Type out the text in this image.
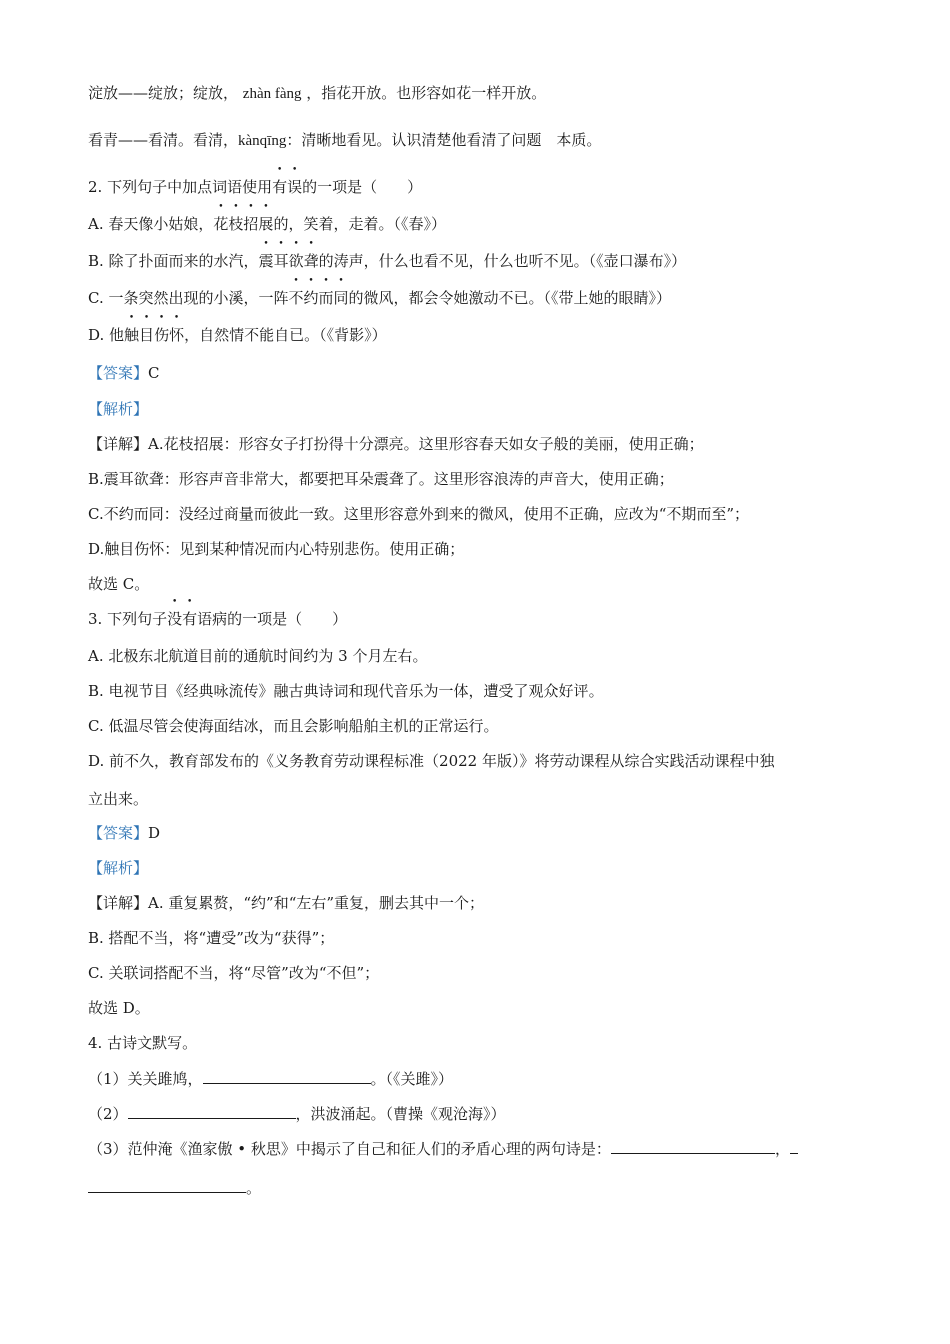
淀放——绽放；绽放， zhàn fàng ，指花开放。也形容如花一样开放。
看青——看清。看清，kànqīng：清晰地看见。认识清楚他看清了问题　本质。
2. 下列句子中加点词语使用有误的一项是（　　）
A. 春天像小姑娘，花枝招展的，笑着，走着。（《春》）
B. 除了扑面而来的水汽，震耳欲聋的涛声，什么也看不见，什么也听不见。（《壶口瀑布》）
C. 一条突然出现的小溪，一阵不约而同的微风，都会令她激动不已。（《带上她的眼睛》）
D. 他触目伤怀，自然情不能自已。（《背影》）
【答案】C
【解析】
【详解】A.花枝招展：形容女子打扮得十分漂亮。这里形容春天如女子般的美丽，使用正确；
B.震耳欲聋：形容声音非常大，都要把耳朵震聋了。这里形容浪涛的声音大，使用正确；
C.不约而同：没经过商量而彼此一致。这里形容意外到来的微风，使用不正确，应改为“不期而至”；
D.触目伤怀：见到某种情况而内心特别悲伤。使用正确；
故选 C。
3. 下列句子没有语病的一项是（　　）
A. 北极东北航道目前的通航时间约为 3 个月左右。
B. 电视节目《经典咏流传》融古典诗词和现代音乐为一体，遭受了观众好评。
C. 低温尽管会使海面结冰，而且会影响船舶主机的正常运行。
D. 前不久，教育部发布的《义务教育劳动课程标准（2022 年版）》将劳动课程从综合实践活动课程中独
立出来。
【答案】D
【解析】
【详解】A. 重复累赘，“约”和“左右”重复，删去其中一个；
B. 搭配不当，将“遭受”改为“获得”；
C. 关联词搭配不当，将“尽管”改为“不但”；
故选 D。
4. 古诗文默写。
（1）关关雎鸠，	。（《关雎》）
（2）	，洪波涌起。（曹操《观沧海》）
（3）范仲淹《渔家傲 • 秋思》中揭示了自己和征人们的矛盾心理的两句诗是：	，
。
